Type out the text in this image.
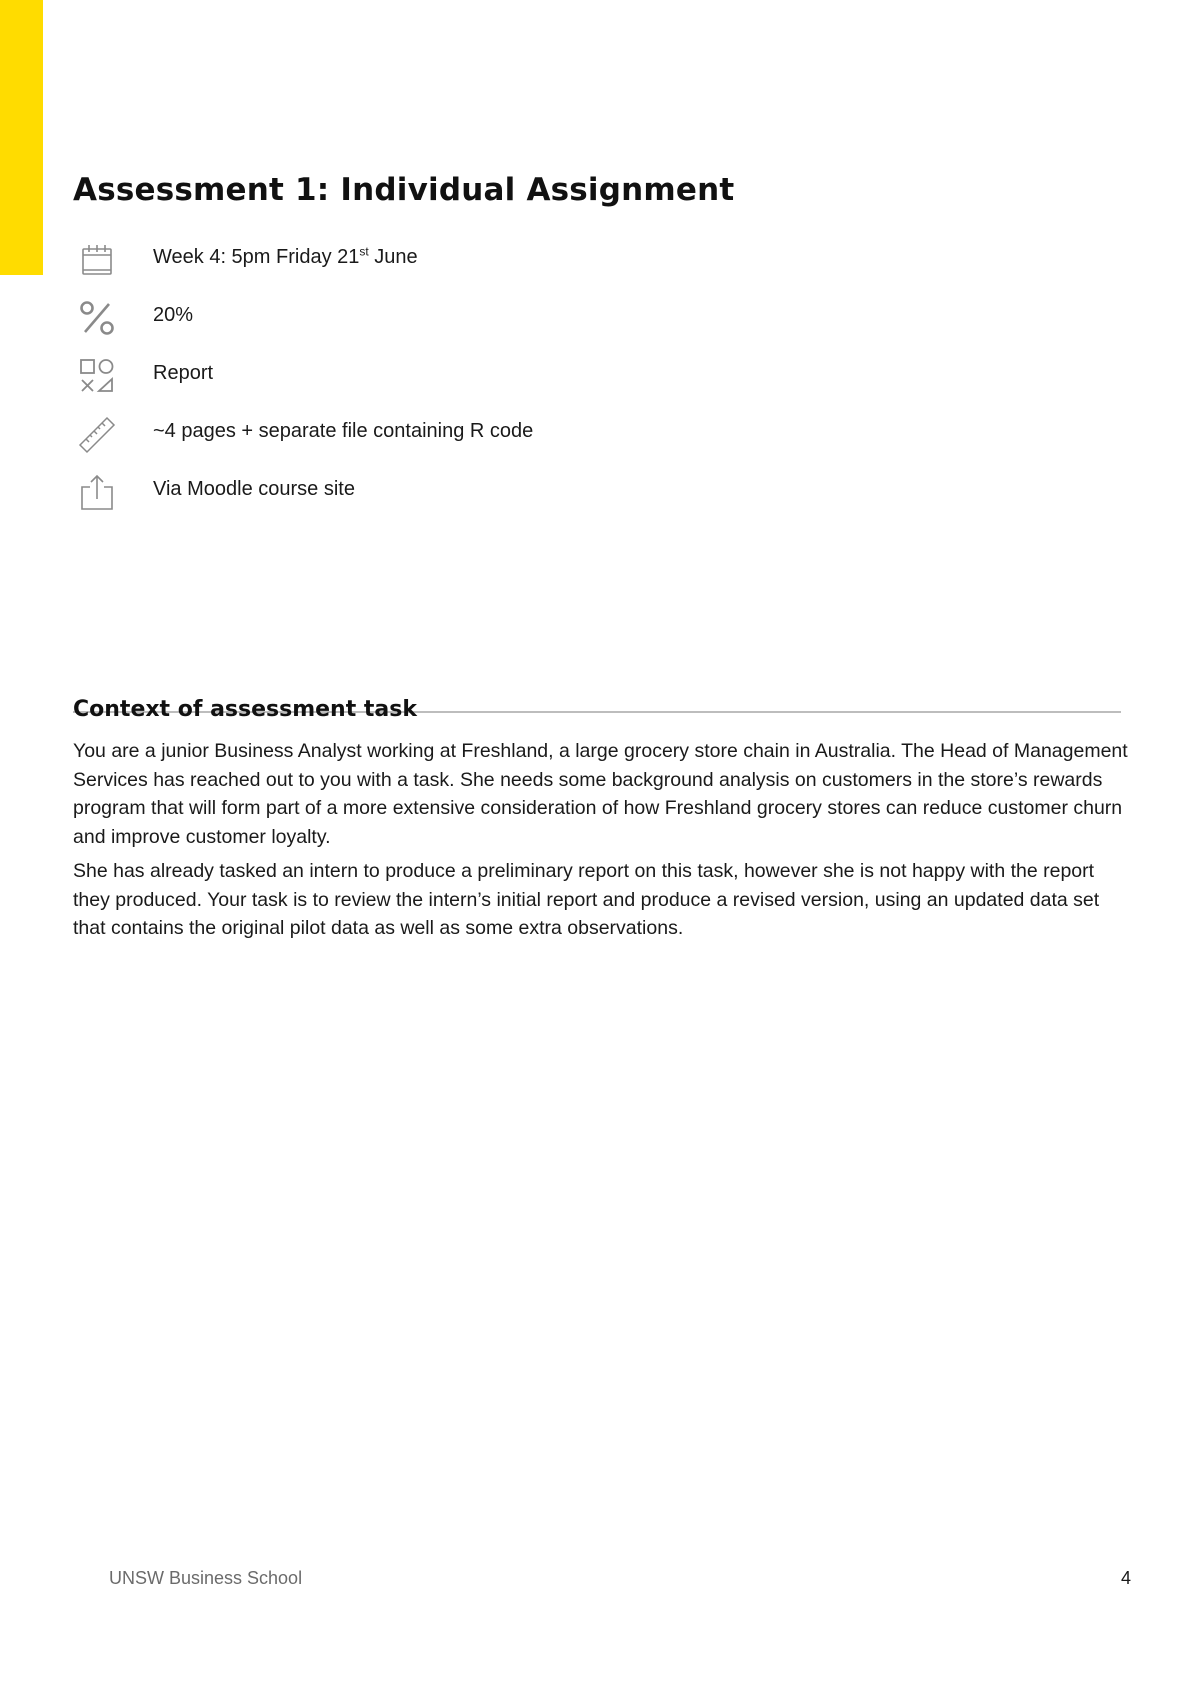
Assessment 1: Individual Assignment
Week 4: 5pm Friday 21st June
20%
Report
~4 pages + separate file containing R code
Via Moodle course site
Context of assessment task

You are a junior Business Analyst working at Freshland, a large grocery store chain in Australia. The Head of Management Services has reached out to you with a task. She needs some background analysis on customers in the store’s rewards program that will form part of a more extensive consideration of how Freshland grocery stores can reduce customer churn and improve customer loyalty.

She has already tasked an intern to produce a preliminary report on this task, however she is not happy with the report they produced. Your task is to review the intern’s initial report and produce a revised version, using an updated data set that contains the original pilot data as well as some extra observations.

UNSW Business School	4
